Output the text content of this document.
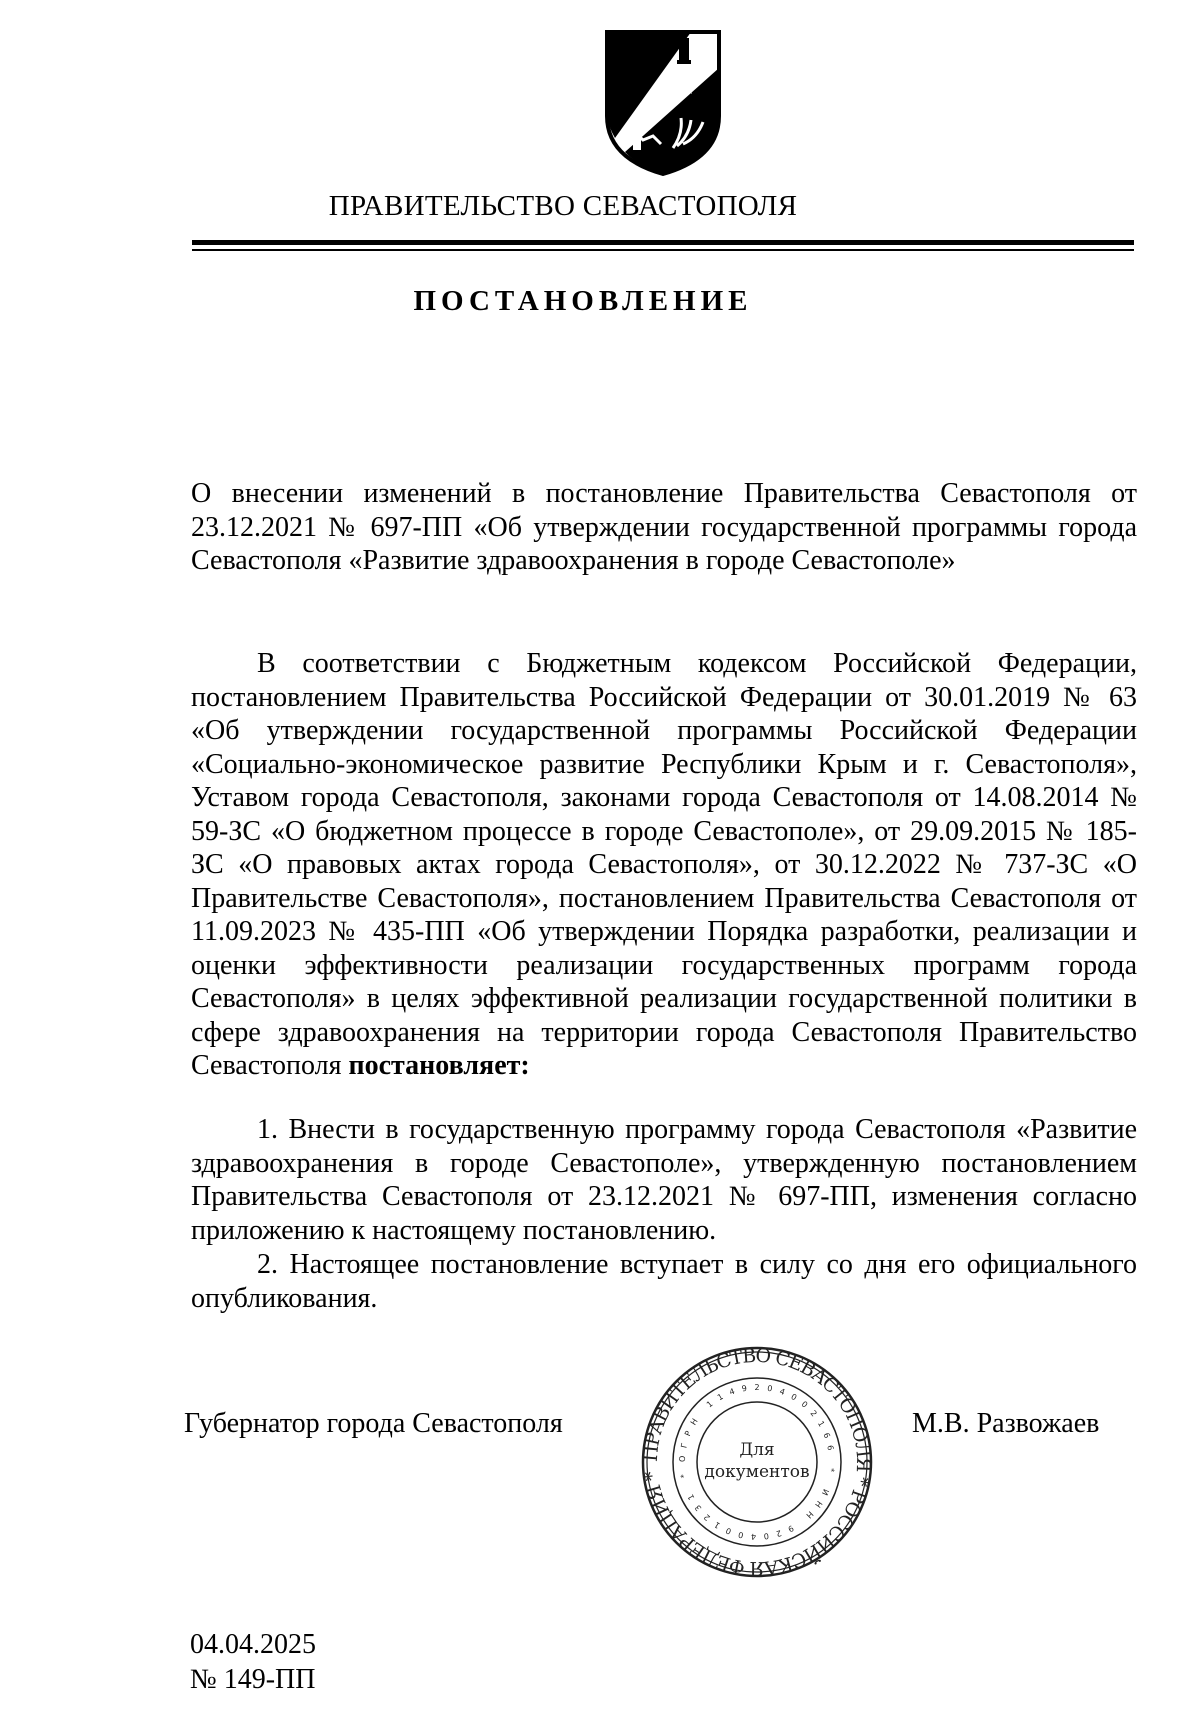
ПРАВИТЕЛЬСТВО СЕВАСТОПОЛЯ
ПОСТАНОВЛЕНИЕ
О внесении изменений в постановление Правительства Севастополя от 23.12.2021 № 697-ПП «Об утверждении государственной программы города Севастополя «Развитие здравоохранения в городе Севастополе»
В соответствии с Бюджетным кодексом Российской Федерации, постановлением Правительства Российской Федерации от 30.01.2019 № 63 «Об утверждении государственной программы Российской Федерации «Социально-экономическое развитие Республики Крым и г. Севастополя», Уставом города Севастополя, законами города Севастополя от 14.08.2014 № 59-ЗС «О бюджетном процессе в городе Севастополе», от 29.09.2015 № 185-ЗС «О правовых актах города Севастополя», от 30.12.2022 № 737-ЗС «О Правительстве Севастополя», постановлением Правительства Севастополя от 11.09.2023 № 435-ПП «Об утверждении Порядка разработки, реализации и оценки эффективности реализации государственных программ города Севастополя» в целях эффективной реализации государственной политики в сфере здравоохранения на территории города Севастополя Правительство Севастополя постановляет:
1. Внести в государственную программу города Севастополя «Развитие здравоохранения в городе Севастополе», утвержденную постановлением Правительства Севастополя от 23.12.2021 № 697-ПП, изменения согласно приложению к настоящему постановлению.
2. Настоящее постановление вступает в силу со дня его официального опубликования.
Губернатор города Севастополя	М.В. Развожаев
ПРАВИТЕЛЬСТВО СЕВАСТОПОЛЯ * РОССИЙСКАЯ ФЕДЕРАЦИЯ *
ОГРН 1149204002166 * ИНН 9204001231 *
Для
документов
04.04.2025
№ 149-ПП
